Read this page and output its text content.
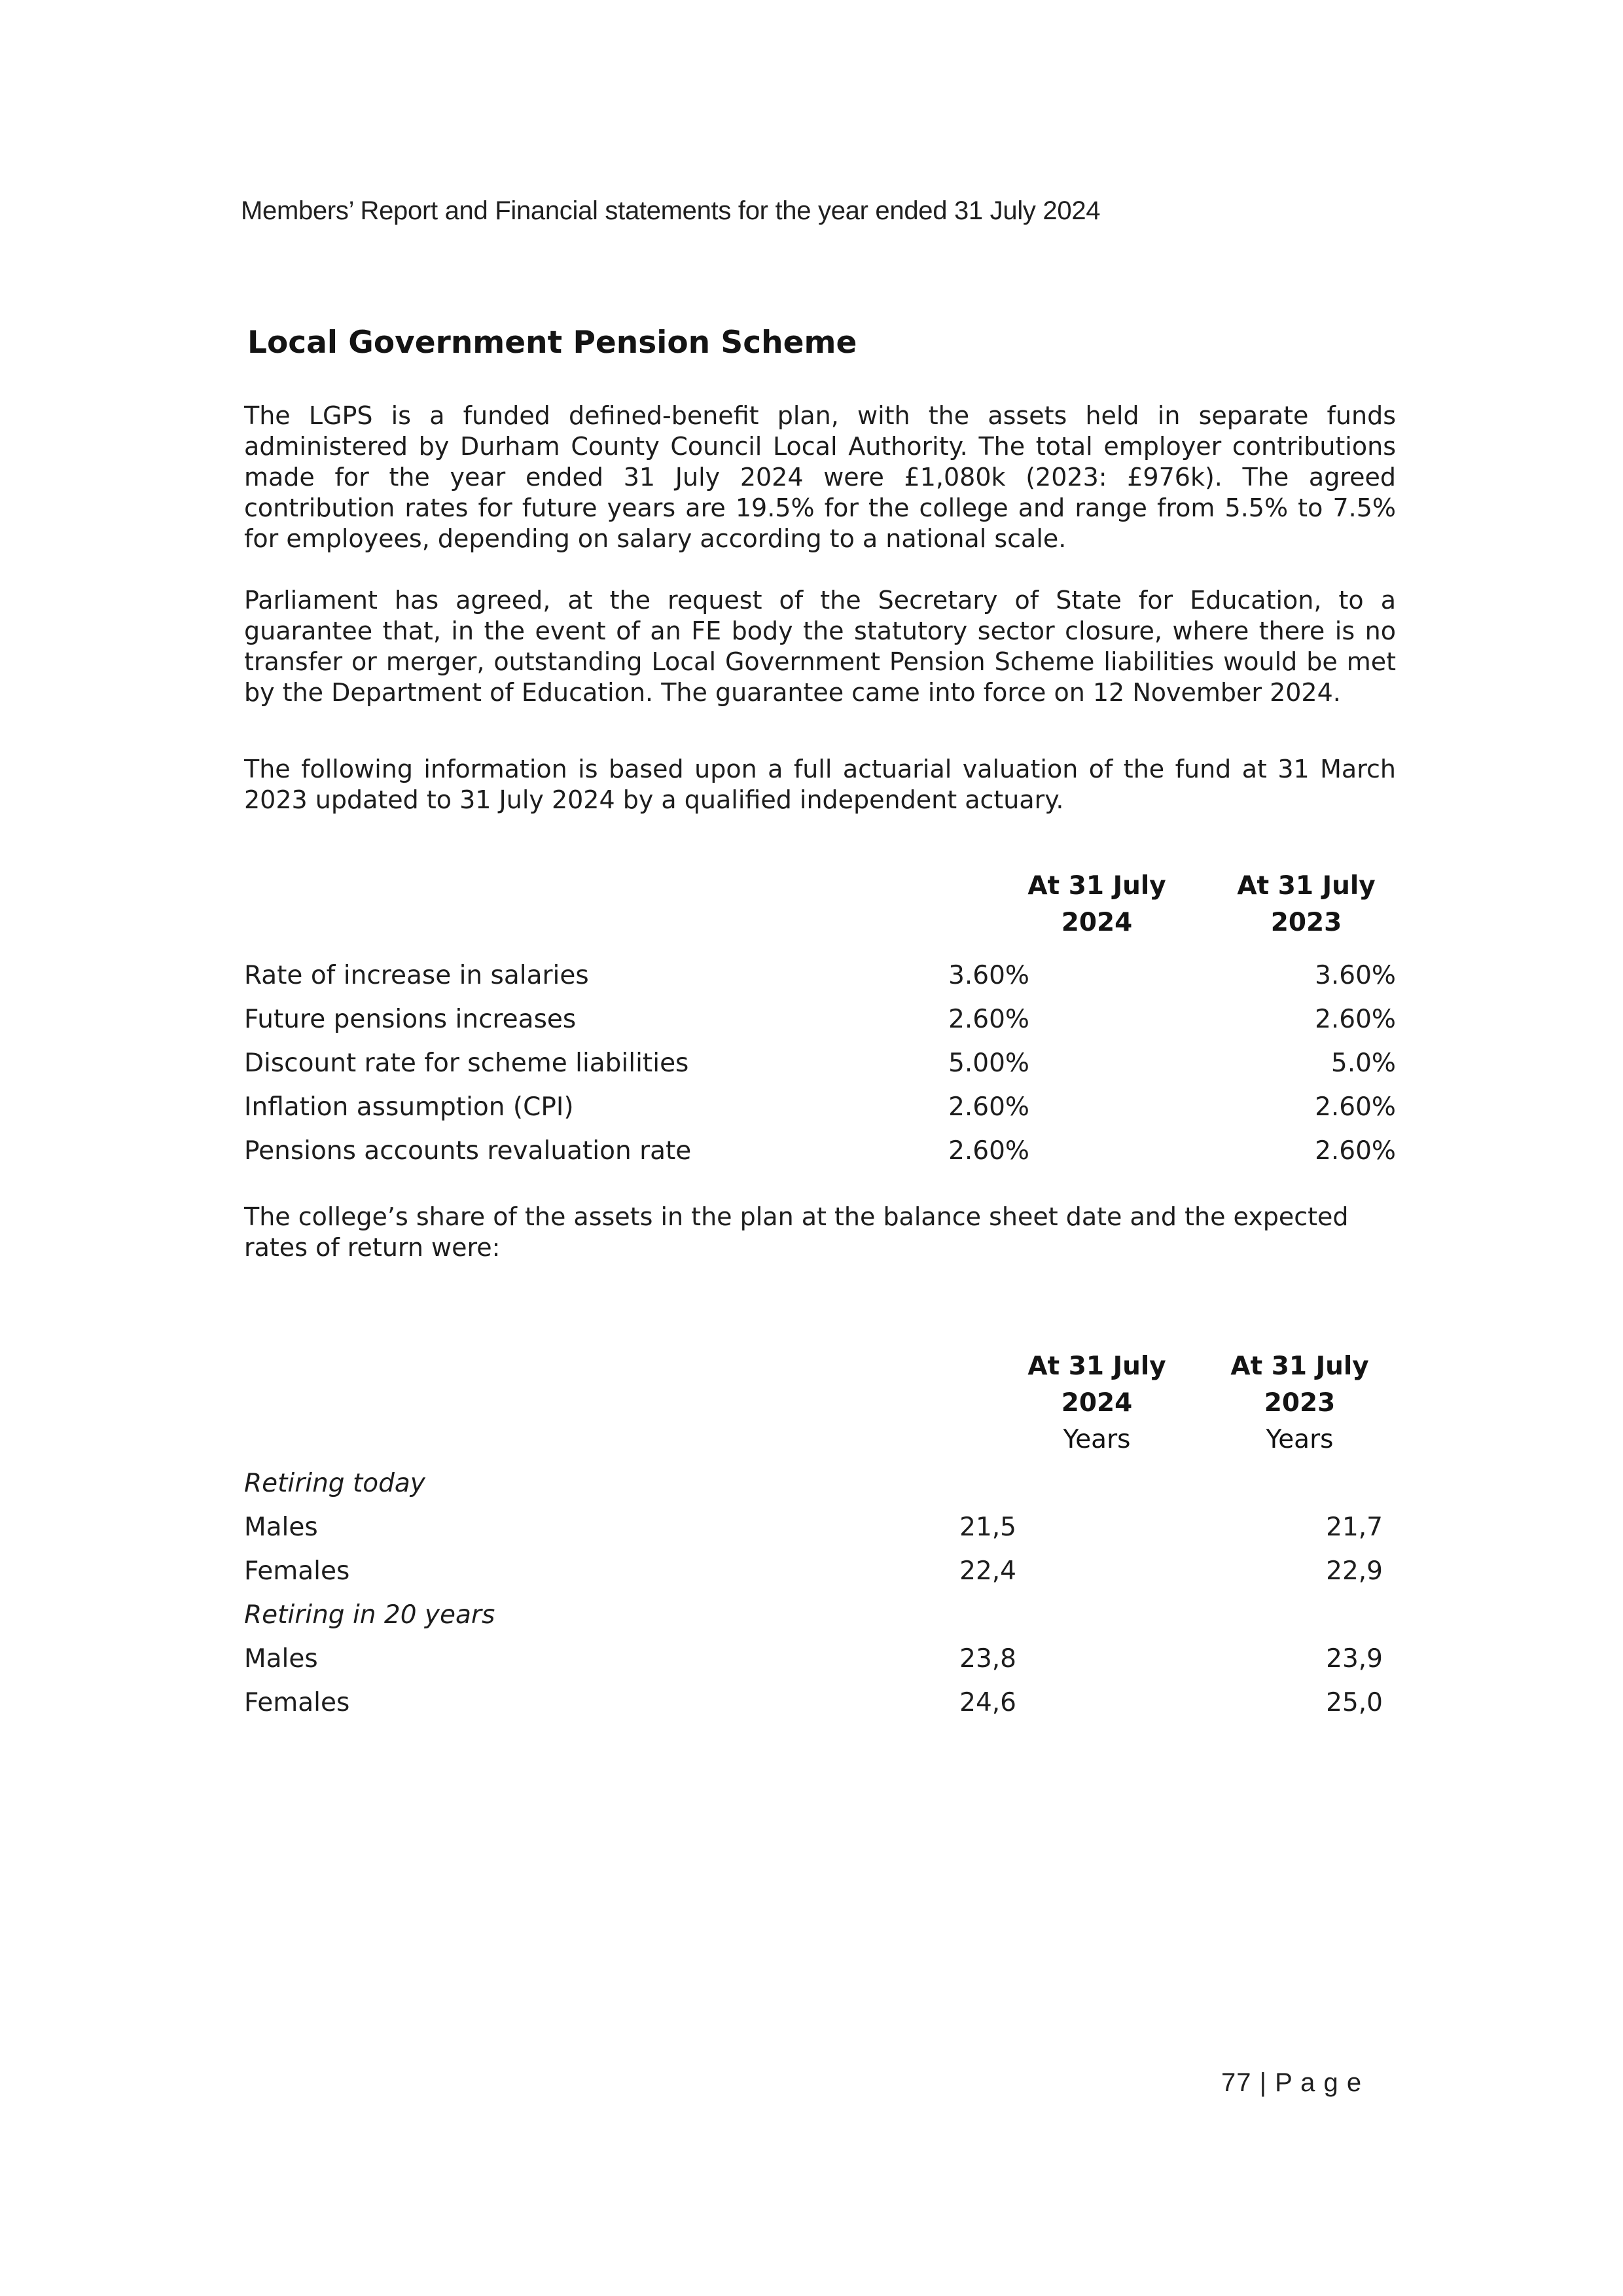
Members’ Report and Financial statements for the year ended 31 July 2024
Local Government Pension Scheme
The LGPS is a funded defined-benefit plan, with the assets held in separate funds administered by Durham County Council Local Authority. The total employer contributions made for the year ended 31 July 2024 were £1,080k (2023: £976k). The agreed contribution rates for future years are 19.5% for the college and range from 5.5% to 7.5% for employees, depending on salary according to a national scale.
Parliament has agreed, at the request of the Secretary of State for Education, to a guarantee that, in the event of an FE body the statutory sector closure, where there is no transfer or merger, outstanding Local Government Pension Scheme liabilities would be met by the Department of Education. The guarantee came into force on 12 November 2024.
The following information is based upon a full actuarial valuation of the fund at 31 March 2023 updated to 31 July 2024 by a qualified independent actuary.
At 31 July
2024
At 31 July
2023
Rate of increase in salaries	3.60%	3.60%
Future pensions increases	2.60%	2.60%
Discount rate for scheme liabilities	5.00%	5.0%
Inflation assumption (CPI)	2.60%	2.60%
Pensions accounts revaluation rate	2.60%	2.60%
The college’s share of the assets in the plan at the balance sheet date and the expected rates of return were:
At 31 July
2024
Years
At 31 July
2023
Years
Retiring today
Males	21,5	21,7
Females	22,4	22,9
Retiring in 20 years
Males	23,8	23,9
Females	24,6	25,0
77 | P a g e
